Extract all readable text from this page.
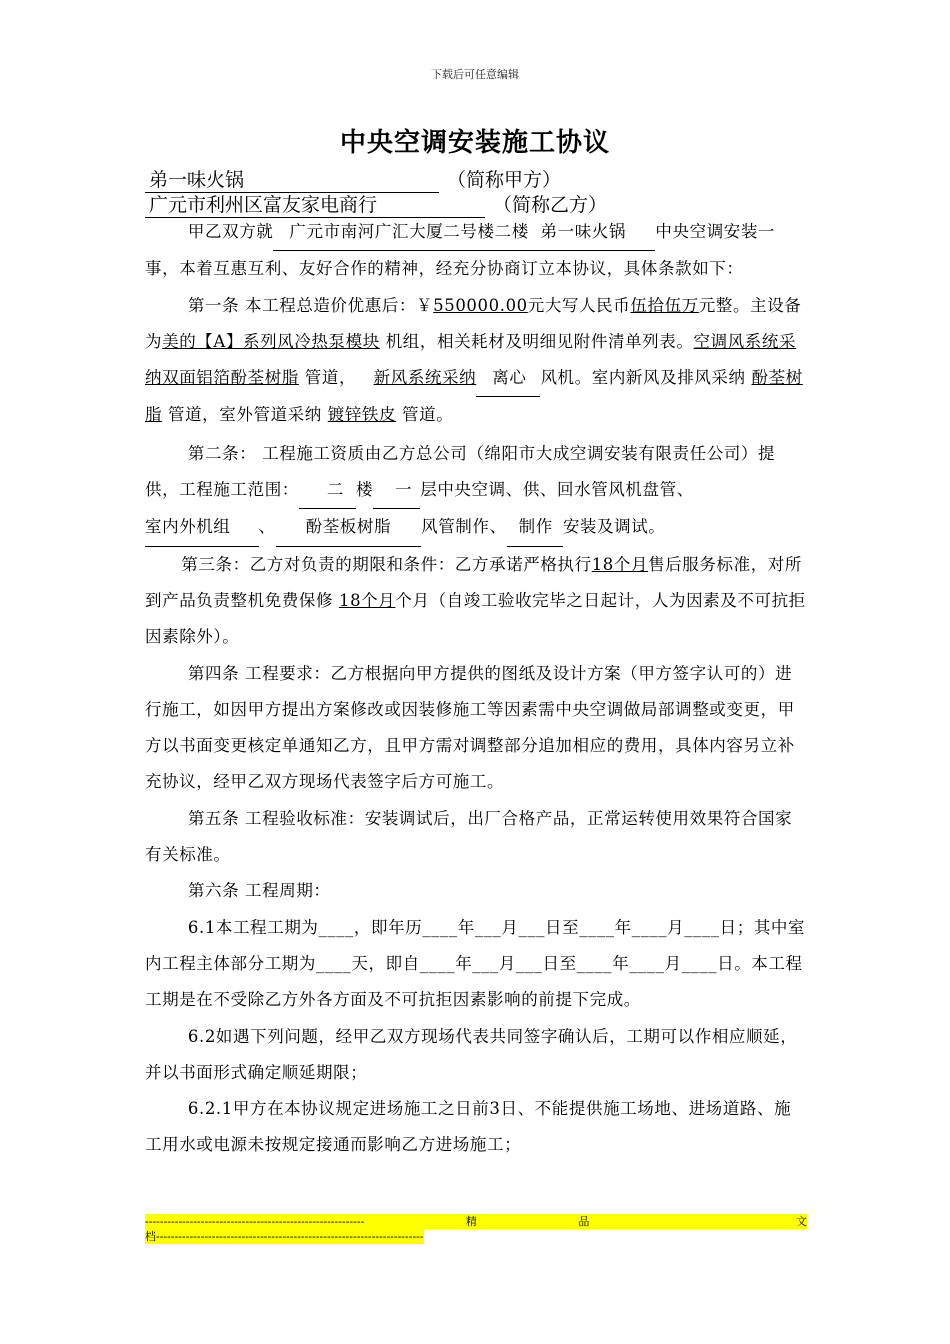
下载后可任意编辑
中央空调安装施工协议
弟一味火锅	（简称甲方）
广元市利州区富友家电商行	（简称乙方）

甲乙双方就 广元市南河广汇大厦二号楼二楼 弟一味火锅 中央空调安装一事，本着互惠互利、友好合作的精神，经充分协商订立本协议，具体条款如下：

第一条 本工程总造价优惠后：￥550000.00元大写人民币伍拾伍万元整。主设备为美的【A】系列风冷热泵模块 机组，相关耗材及明细见附件清单列表。空调风系统采纳双面铝箔酚荃树脂 管道， 新风系统采纳 离心 风机。室内新风及排风采纳 酚荃树脂 管道，室外管道采纳 镀锌铁皮 管道。

第二条： 工程施工资质由乙方总公司（绵阳市大成空调安装有限责任公司）提供，工程施工范围： 二 楼 一 层中央空调、供、回水管风机盘管、室内外机组 、 酚荃板树脂 风管制作、 制作 安装及调试。

第三条：乙方对负责的期限和条件：乙方承诺严格执行18个月售后服务标准，对所到产品负责整机免费保修 18个月个月（自竣工验收完毕之日起计，人为因素及不可抗拒因素除外）。

第四条 工程要求：乙方根据向甲方提供的图纸及设计方案（甲方签字认可的）进行施工，如因甲方提出方案修改或因装修施工等因素需中央空调做局部调整或变更，甲方以书面变更核定单通知乙方，且甲方需对调整部分追加相应的费用，具体内容另立补充协议，经甲乙双方现场代表签字后方可施工。

第五条 工程验收标准：安装调试后，出厂合格产品，正常运转使用效果符合国家有关标准。

第六条 工程周期：

6.1本工程工期为____，即年历____年___月___日至____年____月____日；其中室内工程主体部分工期为____天，即自____年___月___日至____年____月____日。本工程工期是在不受除乙方外各方面及不可抗拒因素影响的前提下完成。

6.2如遇下列问题，经甲乙双方现场代表共同签字确认后，工期可以作相应顺延，并以书面形式确定顺延期限；

6.2.1甲方在本协议规定进场施工之日前3日、不能提供施工场地、进场道路、施工用水或电源未按规定接通而影响乙方进场施工；

-----------------------------------------------------------	精	品	.	文
档------------------------------------------------------------------------
